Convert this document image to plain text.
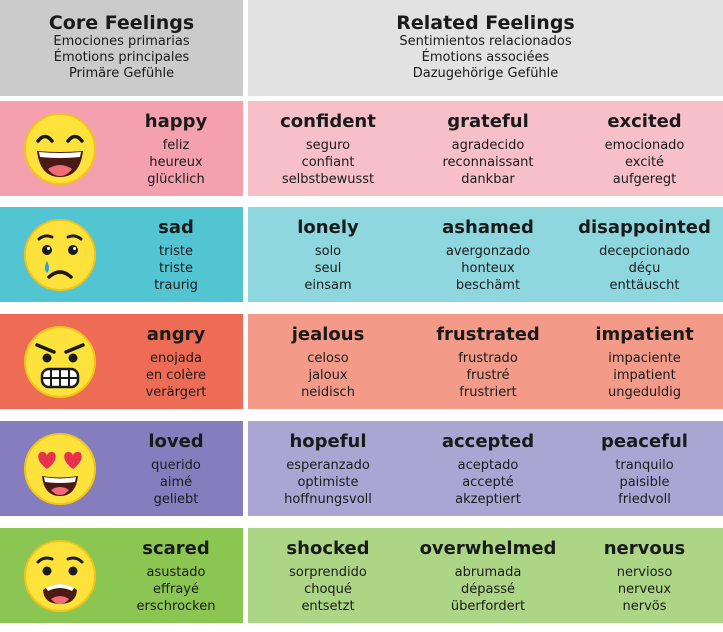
Core Feelings
Emociones primarias
Émotions principales
Primäre Gefühle
Related Feelings
Sentimientos relacionados
Émotions associées
Dazugehörige Gefühle
happy
feliz
heureux
glücklich
confident
seguro
confiant
selbstbewusst
grateful
agradecido
reconnaissant
dankbar
excited
emocionado
excité
aufgeregt
sad
triste
triste
traurig
lonely
solo
seul
einsam
ashamed
avergonzado
honteux
beschämt
disappointed
decepcionado
déçu
enttäuscht
angry
enojada
en colère
verärgert
jealous
celoso
jaloux
neidisch
frustrated
frustrado
frustré
frustriert
impatient
impaciente
impatient
ungeduldig
loved
querido
aimé
geliebt
hopeful
esperanzado
optimiste
hoffnungsvoll
accepted
aceptado
accepté
akzeptiert
peaceful
tranquilo
paisible
friedvoll
scared
asustado
effrayé
erschrocken
shocked
sorprendido
choqué
entsetzt
overwhelmed
abrumada
dépassé
überfordert
nervous
nervioso
nerveux
nervös
